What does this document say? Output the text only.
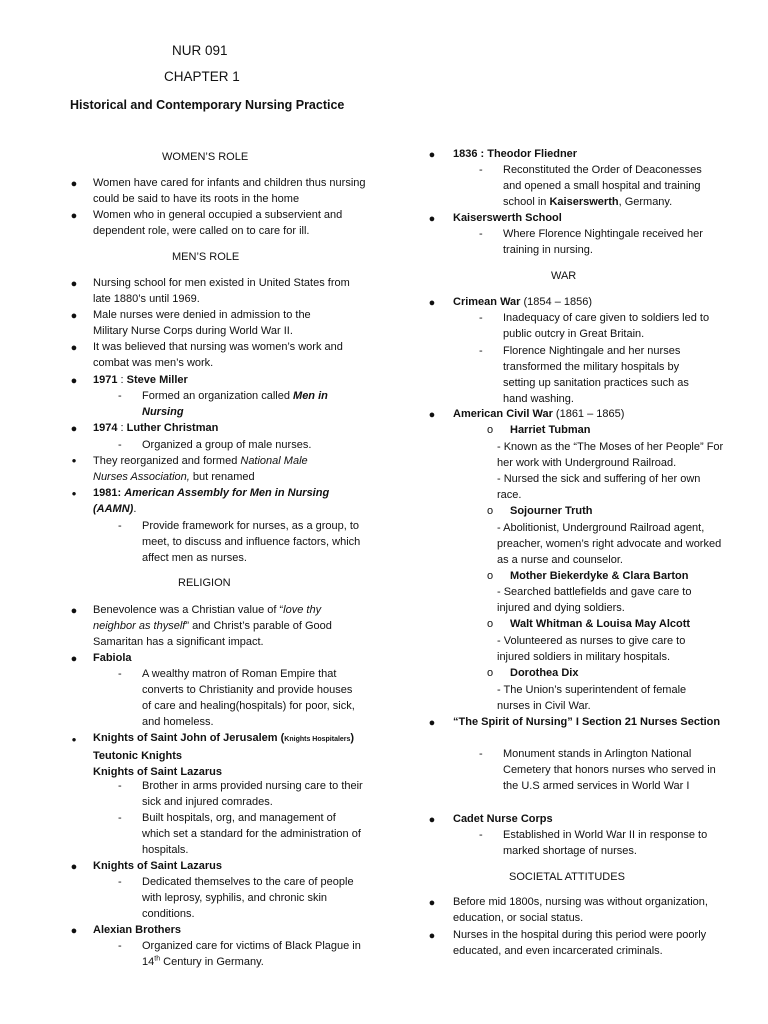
NUR 091
CHAPTER 1
Historical and Contemporary Nursing Practice
WOMEN’S ROLE
●	Women have cared for infants and children thus nursing could be said to have its roots in the home
●	Women who in general occupied a subservient and dependent role, were called on to care for ill.
MEN’S ROLE
●	Nursing school for men existed in United States from late 1880’s until 1969.
●	Male nurses were denied in admission to the Military Nurse Corps during World War II.
●	It was believed that nursing was women’s work and combat was men’s work.
●	1971 : Steve Miller
-	Formed an organization called Men in Nursing
●	1974 : Luther Christman
-	Organized a group of male nurses.
•	They reorganized and formed National Male Nurses Association, but renamed
•	1981: American Assembly for Men in Nursing (AAMN).
-	Provide framework for nurses, as a group, to meet, to discuss and influence factors, which affect men as nurses.
RELIGION
●	Benevolence was a Christian value of “love thy neighbor as thyself” and Christ’s parable of Good Samaritan has a significant impact.
●	Fabiola
-	A wealthy matron of Roman Empire that converts to Christianity and provide houses of care and healing(hospitals) for poor, sick, and homeless.
•	Knights of Saint John of Jerusalem (Knights Hospitalers)
Teutonic Knights
Knights of Saint Lazarus
-	Brother in arms provided nursing care to their sick and injured comrades.
-	Built hospitals, org, and management of which set a standard for the administration of hospitals.
●	Knights of Saint Lazarus
-	Dedicated themselves to the care of people with leprosy, syphilis, and chronic skin conditions.
●	Alexian Brothers
-	Organized care for victims of Black Plague in 14th Century in Germany.
●	1836 : Theodor Fliedner
-	Reconstituted the Order of Deaconesses and opened a small hospital and training school in Kaiserswerth, Germany.
●	Kaiserswerth School
-	Where Florence Nightingale received her training in nursing.
WAR
●	Crimean War (1854 – 1856)
-	Inadequacy of care given to soldiers led to public outcry in Great Britain.
-	Florence Nightingale and her nurses transformed the military hospitals by setting up sanitation practices such as hand washing.
●	American Civil War (1861 – 1865)
o Harriet Tubman
- Known as the “The Moses of her People” For her work with Underground Railroad.
- Nursed the sick and suffering of her own race.
o Sojourner Truth
- Abolitionist, Underground Railroad agent, preacher, women’s right advocate and worked as a nurse and counselor.
o Mother Biekerdyke & Clara Barton
- Searched battlefields and gave care to injured and dying soldiers.
o Walt Whitman & Louisa May Alcott
- Volunteered as nurses to give care to injured soldiers in military hospitals.
o Dorothea Dix
- The Union’s superintendent of female nurses in Civil War.
●	“The Spirit of Nursing” I Section 21 Nurses Section
-	Monument stands in Arlington National Cemetery that honors nurses who served in the U.S armed services in World War I
●	Cadet Nurse Corps
-	Established in World War II in response to marked shortage of nurses.
SOCIETAL ATTITUDES
●	Before mid 1800s, nursing was without organization, education, or social status.
●	Nurses in the hospital during this period were poorly educated, and even incarcerated criminals.
